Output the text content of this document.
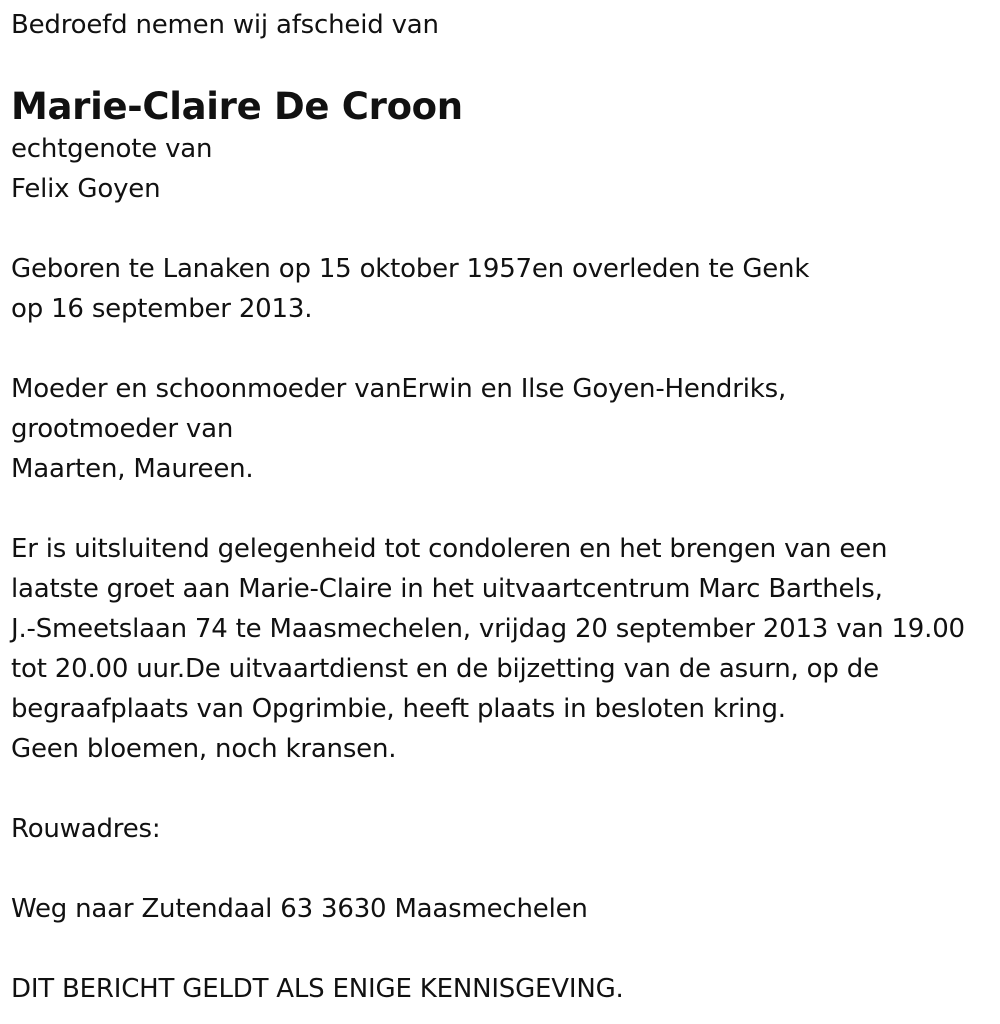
Bedroefd nemen wij afscheid van
Marie-Claire De Croon
echtgenote van
Felix Goyen
Geboren te Lanaken op 15 oktober 1957en overleden te Genk
op 16 september 2013.
Moeder en schoonmoeder vanErwin en Ilse Goyen-Hendriks,
grootmoeder van
Maarten, Maureen.
Er is uitsluitend gelegenheid tot condoleren en het brengen van een
laatste groet aan Marie-Claire in het uitvaartcentrum Marc Barthels,
J.-Smeetslaan 74 te Maasmechelen, vrijdag 20 september 2013 van 19.00
tot 20.00 uur.De uitvaartdienst en de bijzetting van de asurn, op de
begraafplaats van Opgrimbie, heeft plaats in besloten kring.
Geen bloemen, noch kransen.
Rouwadres:
Weg naar Zutendaal 63 3630 Maasmechelen
DIT BERICHT GELDT ALS ENIGE KENNISGEVING.
